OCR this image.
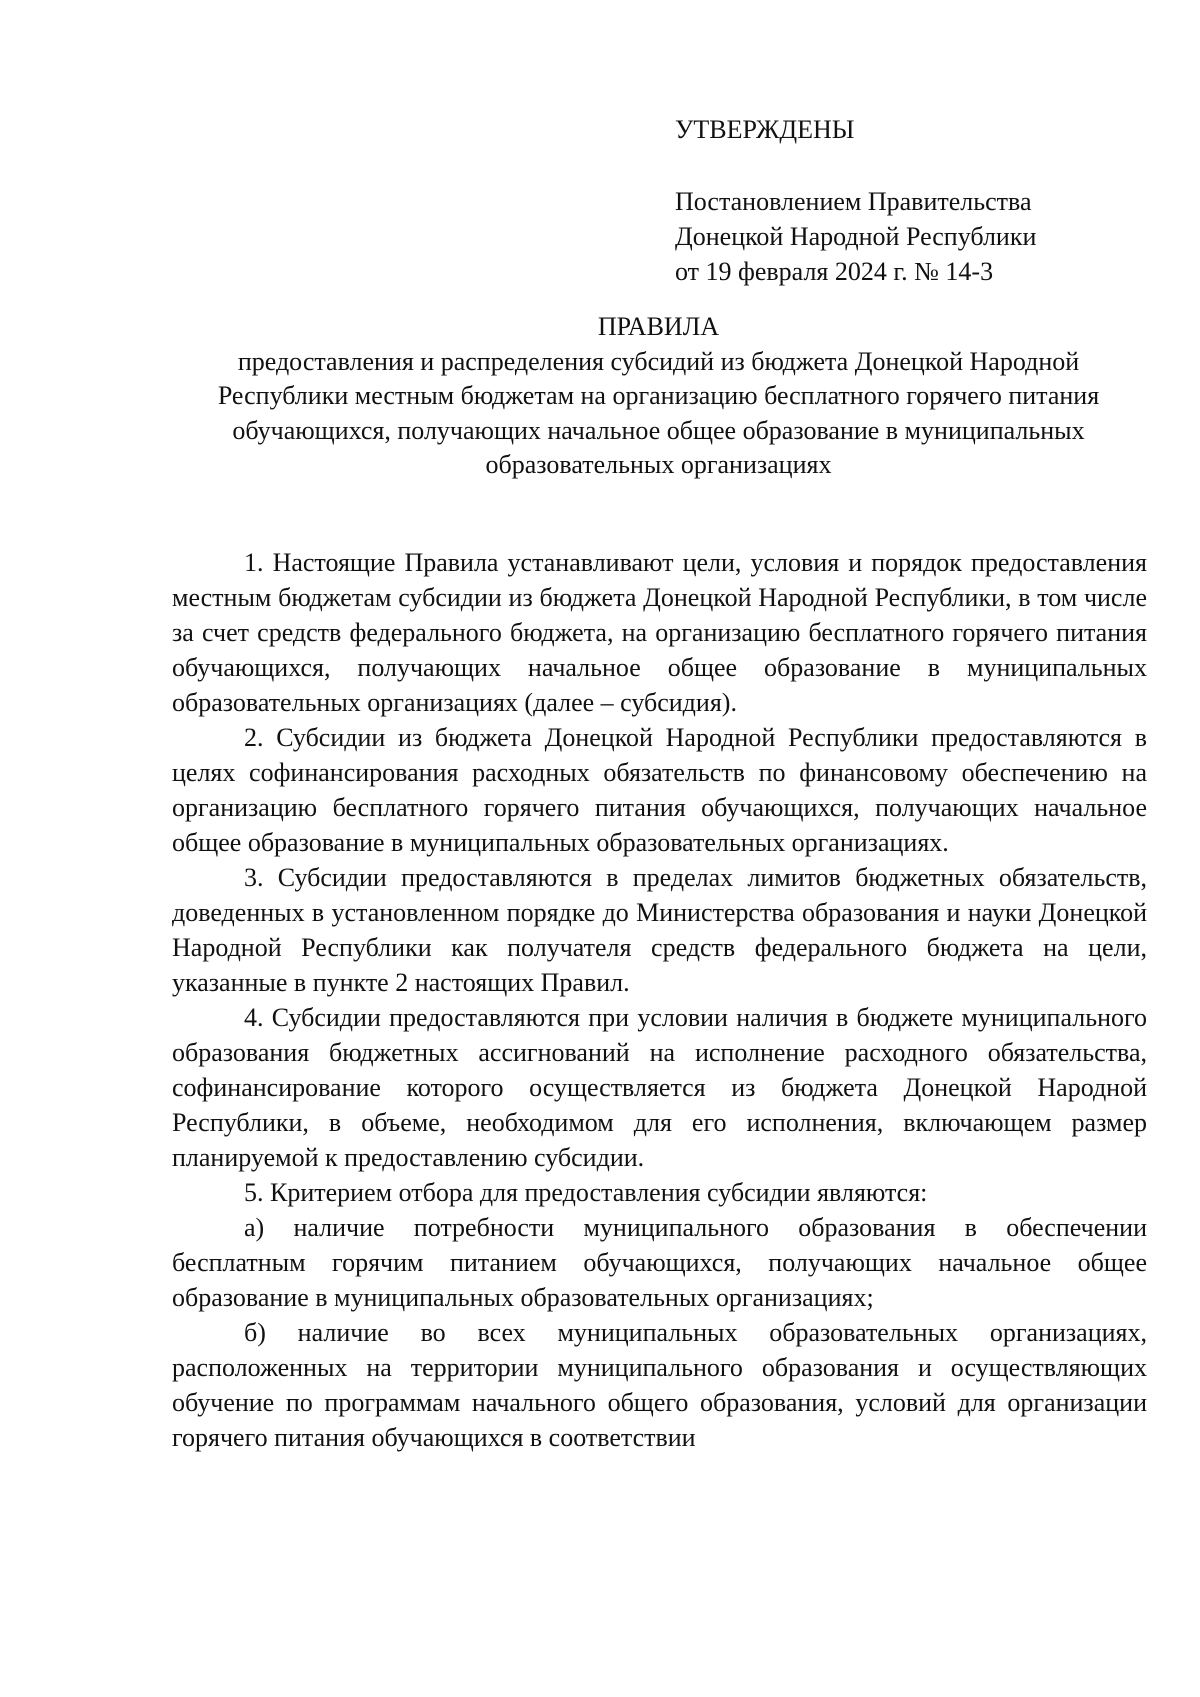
УТВЕРЖДЕНЫ
Постановлением Правительства
Донецкой Народной Республики
от 19 февраля 2024 г. № 14-3
ПРАВИЛА
предоставления и распределения субсидий из бюджета Донецкой Народной Республики местным бюджетам на организацию бесплатного горячего питания обучающихся, получающих начальное общее образование в муниципальных образовательных организациях

1. Настоящие Правила устанавливают цели, условия и порядок предоставления местным бюджетам субсидии из бюджета Донецкой Народной Республики, в том числе за счет средств федерального бюджета, на организацию бесплатного горячего питания обучающихся, получающих начальное общее образование в муниципальных образовательных организациях (далее – субсидия).

2. Субсидии из бюджета Донецкой Народной Республики предоставляются в целях софинансирования расходных обязательств по финансовому обеспечению на организацию бесплатного горячего питания обучающихся, получающих начальное общее образование в муниципальных образовательных организациях.

3. Субсидии предоставляются в пределах лимитов бюджетных обязательств, доведенных в установленном порядке до Министерства образования и науки Донецкой Народной Республики как получателя средств федерального бюджета на цели, указанные в пункте 2 настоящих Правил.

4. Субсидии предоставляются при условии наличия в бюджете муниципального образования бюджетных ассигнований на исполнение расходного обязательства, софинансирование которого осуществляется из бюджета Донецкой Народной Республики, в объеме, необходимом для его исполнения, включающем размер планируемой к предоставлению субсидии.

5. Критерием отбора для предоставления субсидии являются:

а) наличие потребности муниципального образования в обеспечении бесплатным горячим питанием обучающихся, получающих начальное общее образование в муниципальных образовательных организациях;

б) наличие во всех муниципальных образовательных организациях, расположенных на территории муниципального образования и осуществляющих обучение по программам начального общего образования, условий для организации горячего питания обучающихся в соответствии
